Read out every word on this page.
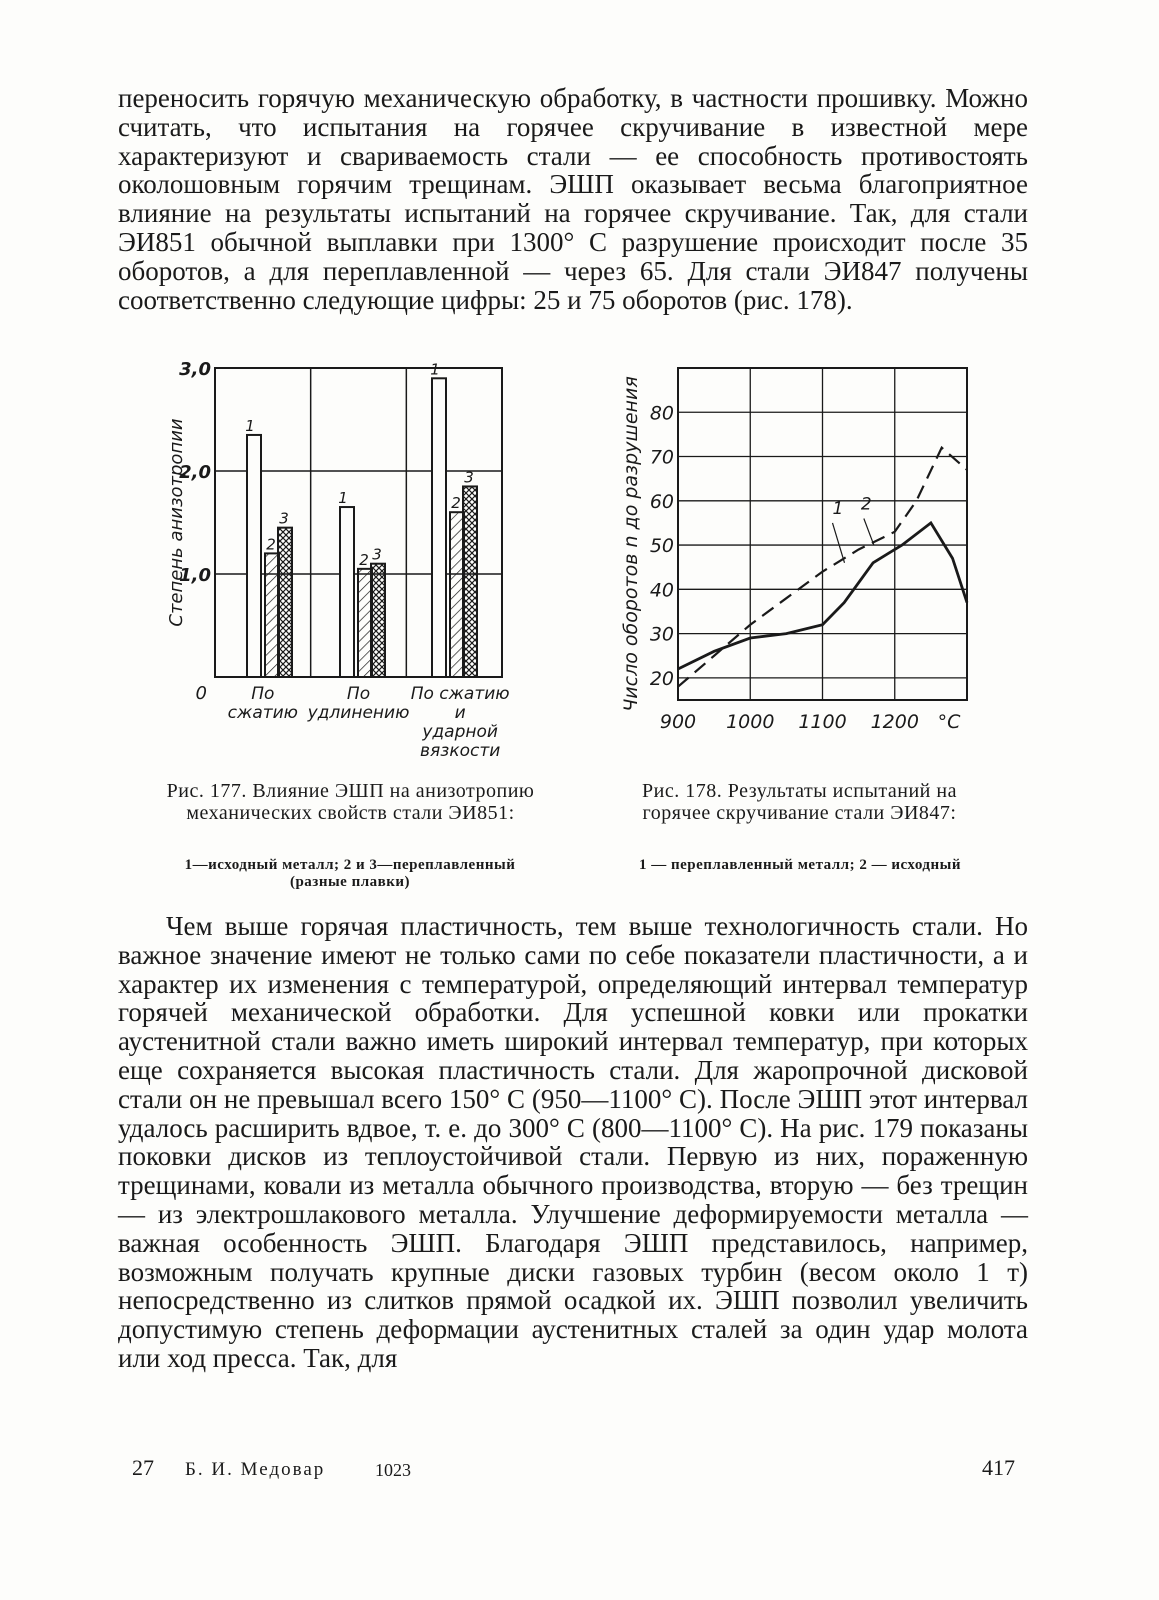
переносить горячую механическую обработку, в частности прошивку. Можно считать, что испытания на горячее скручивание в известной мере характеризуют и свариваемость стали — ее способность противостоять околошовным горячим трещинам. ЭШП оказывает весьма благоприятное влияние на результаты испытаний на горячее скручивание. Так, для стали ЭИ851 обычной выплавки при 1300° С разрушение происходит после 35 оборотов, а для переплавленной — через 65. Для стали ЭИ847 получены соответственно следующие цифры: 25 и 75 оборотов (рис. 178).

1,0
2,0
3,0
0
Степень анизотропии	1
2
3
По
сжатию
1
2 3
По
удлинению
1
2
3
По сжатию
и
ударной
вязкости
Рис. 177. Влияние ЭШП на анизотропию механических свойств стали ЭИ851:
1—исходный металл; 2 и 3—переплавленный (разные плавки)
20
30
40
50
60
70
80
900 1000 1100 1200 °C
Число оборотов n до разрушения	1 2
Рис. 178. Результаты испытаний на горячее скручивание стали ЭИ847:
1 — переплавленный металл; 2 — исходный

Чем выше горячая пластичность, тем выше технологичность стали. Но важное значение имеют не только сами по себе показатели пластичности, а и характер их изменения с температурой, определяющий интервал температур горячей механической обработки. Для успешной ковки или прокатки аустенитной стали важно иметь широкий интервал температур, при которых еще сохраняется высокая пластичность стали. Для жаропрочной дисковой стали он не превышал всего 150° С (950—1100° С). После ЭШП этот интервал удалось расширить вдвое, т. е. до 300° С (800—1100° С). На рис. 179 показаны поковки дисков из теплоустойчивой стали. Первую из них, пораженную трещинами, ковали из металла обычного производства, вторую — без трещин — из электрошлакового металла. Улучшение деформируемости металла — важная особенность ЭШП. Благодаря ЭШП представилось, например, возможным получать крупные диски газовых турбин (весом около 1 т) непосредственно из слитков прямой осадкой их. ЭШП позволил увеличить допустимую степень деформации аустенитных сталей за один удар молота или ход пресса. Так, для

27 Б. И. Медовар	1023	417
